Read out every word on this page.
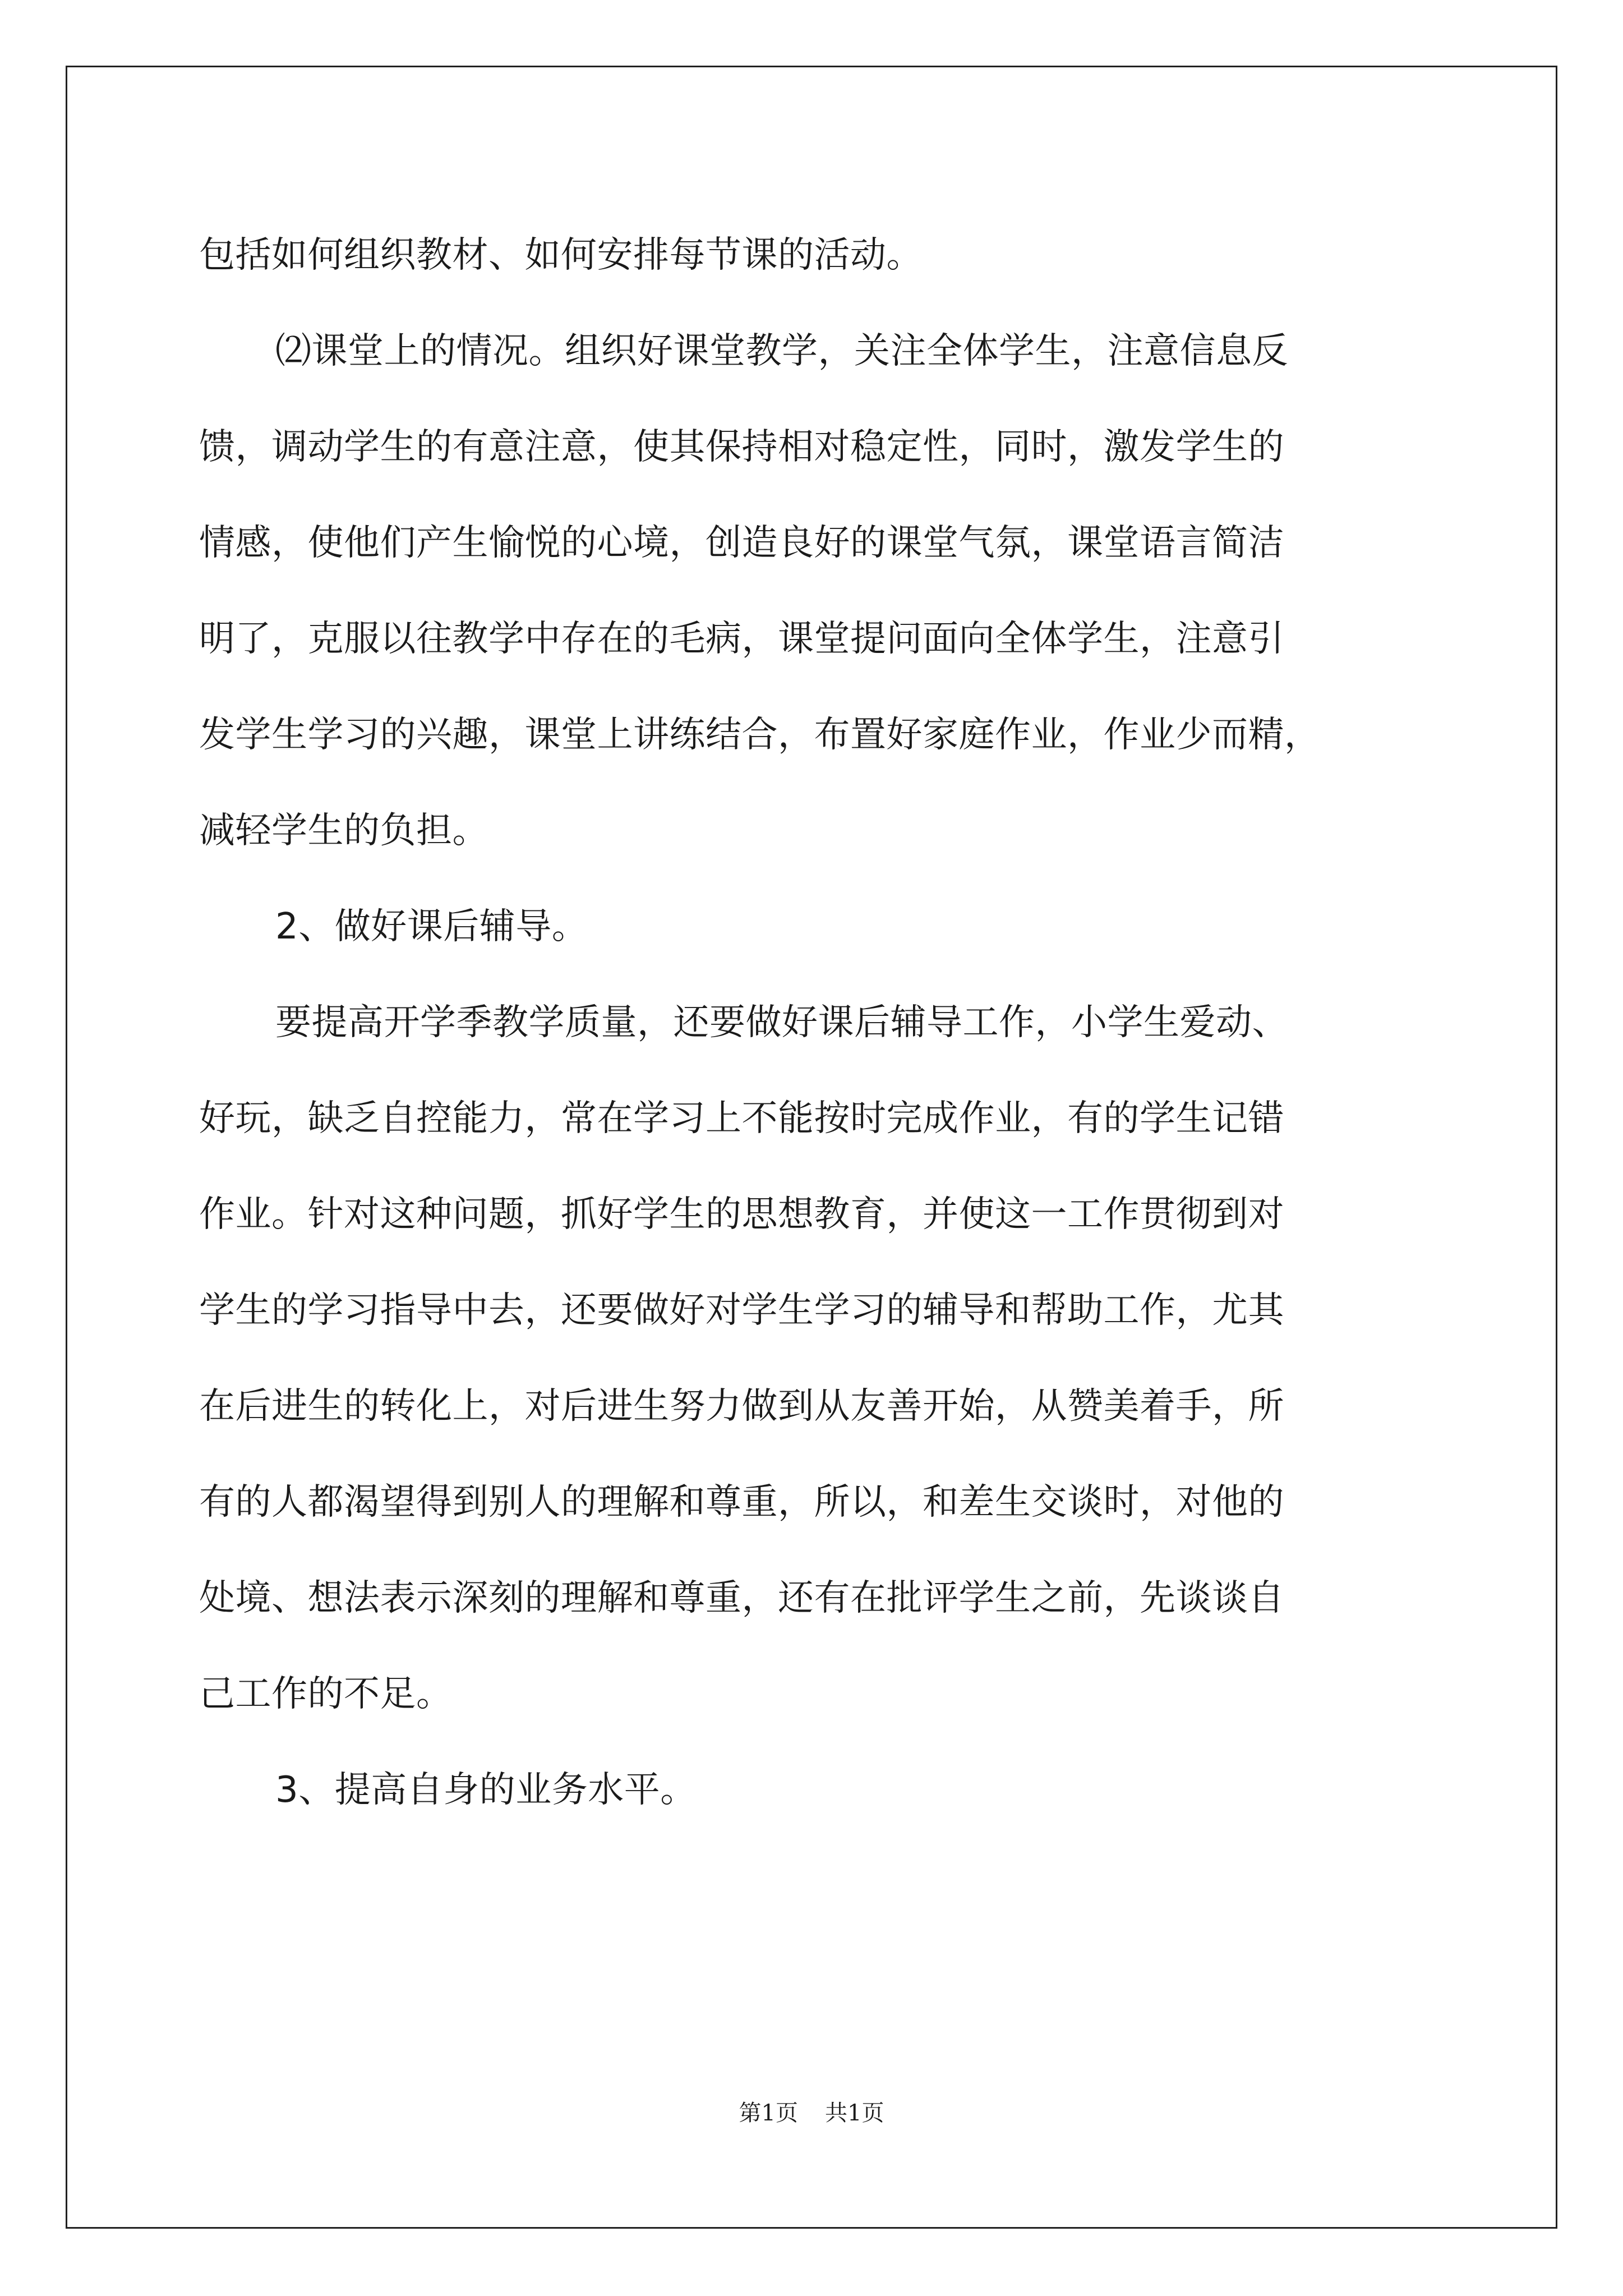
包括如何组织教材、如何安排每节课的活动。
⑵课堂上的情况。组织好课堂教学，关注全体学生，注意信息反
馈，调动学生的有意注意，使其保持相对稳定性，同时，激发学生的
情感，使他们产生愉悦的心境，创造良好的课堂气氛，课堂语言简洁
明了，克服以往教学中存在的毛病，课堂提问面向全体学生，注意引
发学生学习的兴趣，课堂上讲练结合，布置好家庭作业，作业少而精，
减轻学生的负担。
2、做好课后辅导。
要提高开学季教学质量，还要做好课后辅导工作，小学生爱动、
好玩，缺乏自控能力，常在学习上不能按时完成作业，有的学生记错
作业。针对这种问题，抓好学生的思想教育，并使这一工作贯彻到对
学生的学习指导中去，还要做好对学生学习的辅导和帮助工作，尤其
在后进生的转化上，对后进生努力做到从友善开始，从赞美着手，所
有的人都渴望得到别人的理解和尊重，所以，和差生交谈时，对他的
处境、想法表示深刻的理解和尊重，还有在批评学生之前，先谈谈自
己工作的不足。
3、提高自身的业务水平。
第1页 共1页
